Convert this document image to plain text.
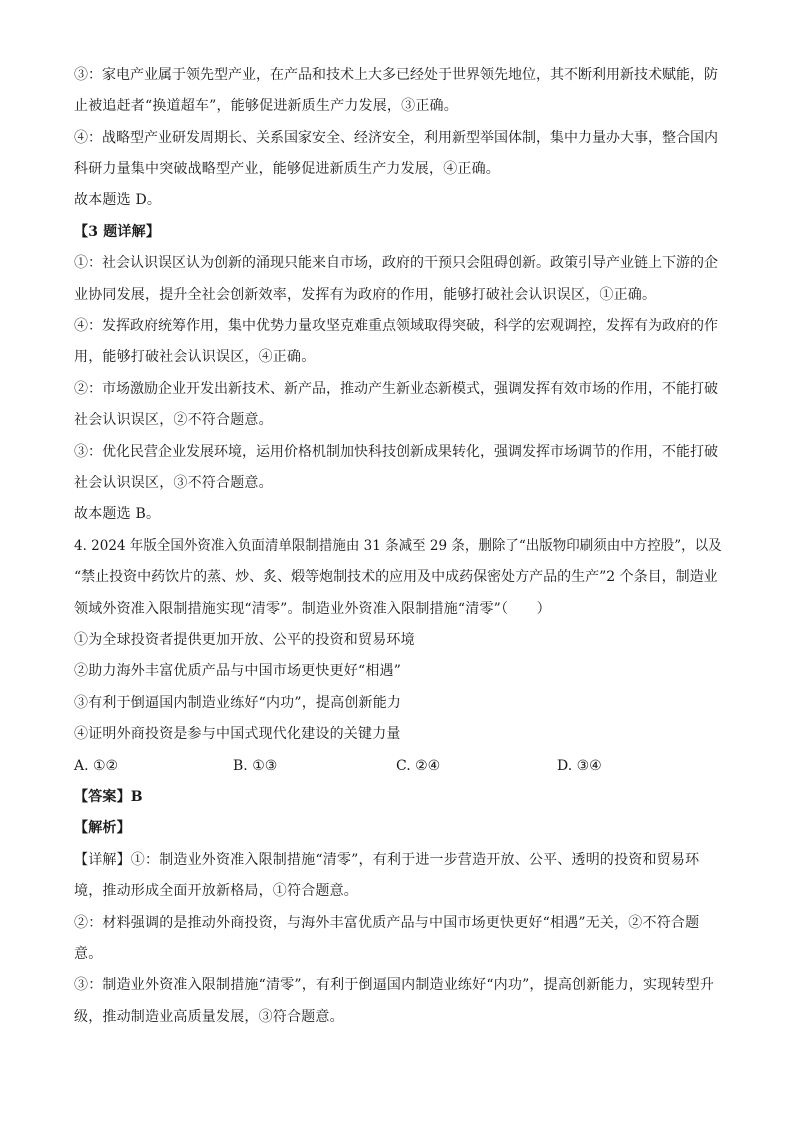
③：家电产业属于领先型产业，在产品和技术上大多已经处于世界领先地位，其不断利用新技术赋能，防
止被追赶者“换道超车”，能够促进新质生产力发展，③正确。
④：战略型产业研发周期长、关系国家安全、经济安全，利用新型举国体制，集中力量办大事，整合国内
科研力量集中突破战略型产业，能够促进新质生产力发展，④正确。
故本题选 D。
【3 题详解】
①：社会认识误区认为创新的涌现只能来自市场，政府的干预只会阻碍创新。政策引导产业链上下游的企
业协同发展，提升全社会创新效率，发挥有为政府的作用，能够打破社会认识误区，①正确。
④：发挥政府统筹作用，集中优势力量攻坚克难重点领域取得突破，科学的宏观调控，发挥有为政府的作
用，能够打破社会认识误区，④正确。
②：市场激励企业开发出新技术、新产品，推动产生新业态新模式，强调发挥有效市场的作用，不能打破
社会认识误区，②不符合题意。
③：优化民营企业发展环境，运用价格机制加快科技创新成果转化，强调发挥市场调节的作用，不能打破
社会认识误区，③不符合题意。
故本题选 B。
4. 2024 年版全国外资准入负面清单限制措施由 31 条减至 29 条，删除了“出版物印刷须由中方控股”，以及
“禁止投资中药饮片的蒸、炒、炙、煅等炮制技术的应用及中成药保密处方产品的生产”2 个条目，制造业
领域外资准入限制措施实现“清零”。制造业外资准入限制措施“清零”（　　）
①为全球投资者提供更加开放、公平的投资和贸易环境
②助力海外丰富优质产品与中国市场更快更好“相遇”
③有利于倒逼国内制造业练好“内功”，提高创新能力
④证明外商投资是参与中国式现代化建设的关键力量
A. ①②	B. ①③	C. ②④	D. ③④
【答案】B
【解析】
【详解】①：制造业外资准入限制措施“清零”，有利于进一步营造开放、公平、透明的投资和贸易环
境，推动形成全面开放新格局，①符合题意。
②：材料强调的是推动外商投资，与海外丰富优质产品与中国市场更快更好“相遇”无关，②不符合题
意。
③：制造业外资准入限制措施“清零”，有利于倒逼国内制造业练好“内功”，提高创新能力，实现转型升
级，推动制造业高质量发展，③符合题意。
